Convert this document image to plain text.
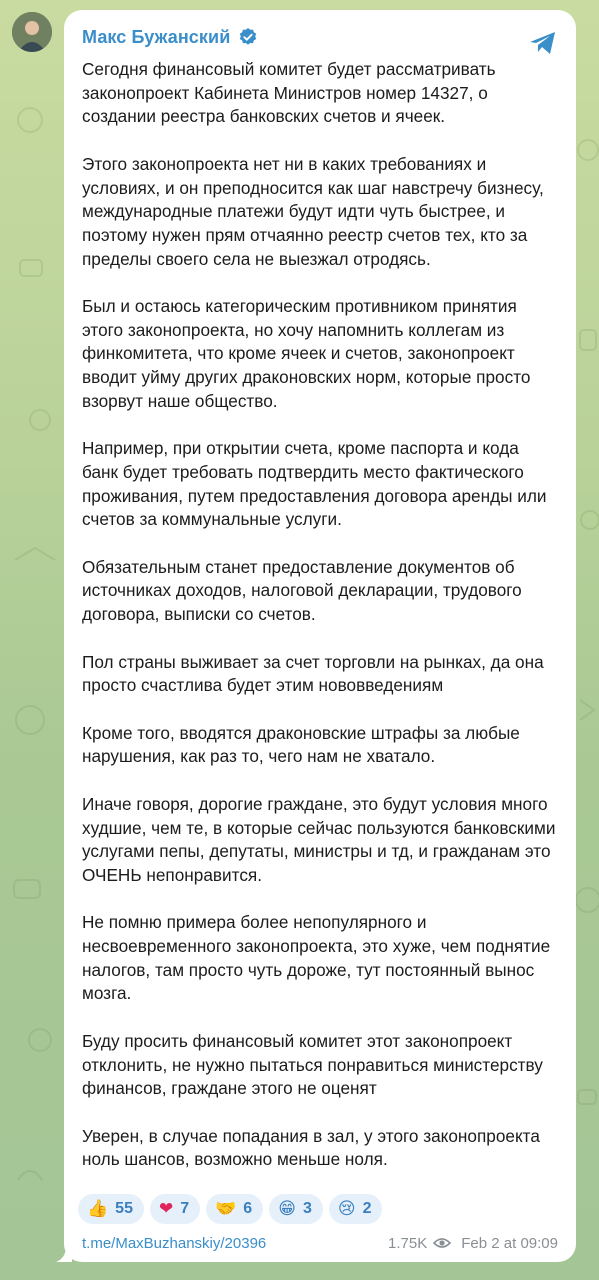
Макс Бужанский
Сегодня финансовый комитет будет рассматривать законопроект Кабинета Министров номер 14327, о создании реестра банковских счетов и ячеек.

Этого законопроекта нет ни в каких требованиях и условиях, и он преподносится как шаг навстречу бизнесу, международные платежи будут идти чуть быстрее, и поэтому нужен прям отчаянно реестр счетов тех, кто за пределы своего села не выезжал отродясь.

Был и остаюсь категорическим противником принятия этого законопроекта, но хочу напомнить коллегам из финкомитета, что кроме ячеек и счетов, законопроект вводит уйму других драконовских норм, которые просто взорвут наше общество.

Например, при открытии счета, кроме паспорта и кода банк будет требовать подтвердить место фактического проживания, путем предоставления договора аренды или счетов за коммунальные услуги.

Обязательным станет предоставление документов об источниках доходов, налоговой декларации, трудового договора, выписки со счетов.

Пол страны выживает за счет торговли на рынках, да она просто счастлива будет этим нововведениям

Кроме того, вводятся драконовские штрафы за любые нарушения, как раз то, чего нам не хватало.

Иначе говоря, дорогие граждане, это будут условия много худшие, чем те, в которые сейчас пользуются банковскими услугами пепы, депутаты, министры и тд, и гражданам это ОЧЕНЬ непонравится.

Не помню примера более непопулярного и несвоевременного законопроекта, это хуже, чем поднятие налогов, там просто чуть дороже, тут постоянный вынос мозга.

Буду просить финансовый комитет этот законопроект отклонить, не нужно пытаться понравиться министерству финансов, граждане этого не оценят

Уверен, в случае попадания в зал, у этого законопроекта ноль шансов, возможно меньше ноля.
👍 55 ❤ 7 🤝 6 😁 3 😢 2
t.me/MaxBuzhanskiy/20396	1.75K Feb 2 at 09:09
